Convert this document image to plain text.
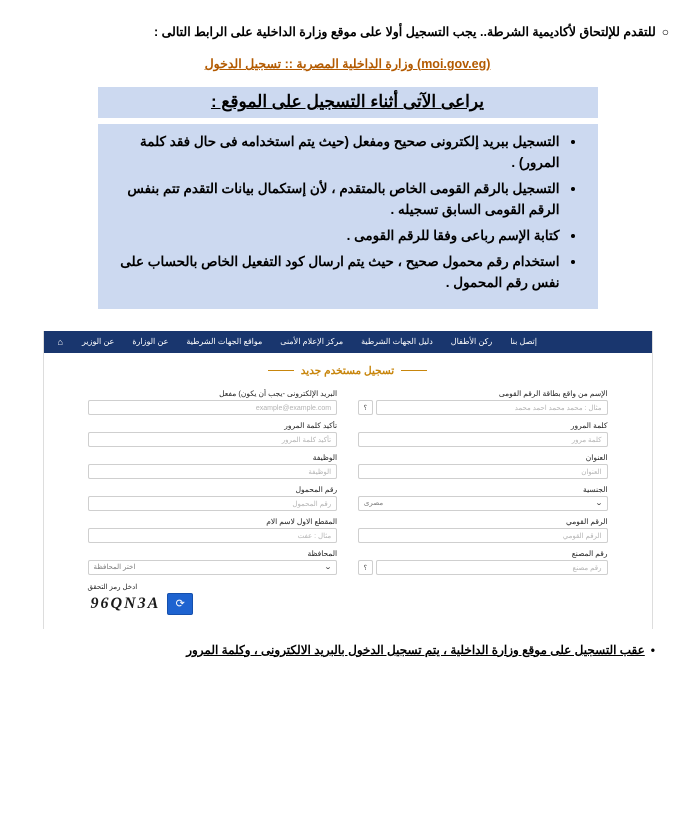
○للتقدم للإلتحاق لأكاديمية الشرطة.. يجب التسجيل أولا على موقع وزارة الداخلية على الرابط التالى :
(moi.gov.eg) وزارة الداخلية المصرية :: تسجيل الدخول
يراعى الآتى أثناء التسجيل على الموقع :
• التسجيل ببريد إلكترونى صحيح ومفعل (حيث يتم استخدامه فى حال فقد كلمة المرور) .
• التسجيل بالرقم القومى الخاص بالمتقدم ، لأن إستكمال بيانات التقدم تتم بنفس الرقم القومى السابق تسجيله .
• كتابة الإسم رباعى وفقا للرقم القومى .
• استخدام رقم محمول صحيح ، حيث يتم ارسال كود التفعيل الخاص بالحساب على نفس رقم المحمول .
⌂	عن الوزير	عن الوزارة	مواقع الجهات الشرطية	مركز الإعلام الأمنى	دليل الجهات الشرطية	ركن الأطفال	إتصل بنا
تسجيل مستخدم جديد
الإسم من واقع بطاقة الرقم القومى
مثال : محمد محمد احمد محمد
؟
البريد الإلكترونى -يجب أن يكون) مفعل
example@example.com
كلمة المرور
كلمة مرور
تأكيد كلمة المرور
تأكيد كلمة المرور
العنوان
العنوان
الوظيفة
الوظيفة
الجنسية
مصرى	⌄
رقم المحمول
رقم المحمول
الرقم القومي
الرقم القومي
المقطع الاول لاسم الام
مثال : عفت
رقم المصنع
رقم مصنع
؟
المحافظة
اختر المحافظة	⌄
ادخل رمز التحقق
⟳
96QN3A
•عقب التسجيل على موقع وزارة الداخلية ، يتم تسجيل الدخول بالبريد الالكترونى ، وكلمة المرور
